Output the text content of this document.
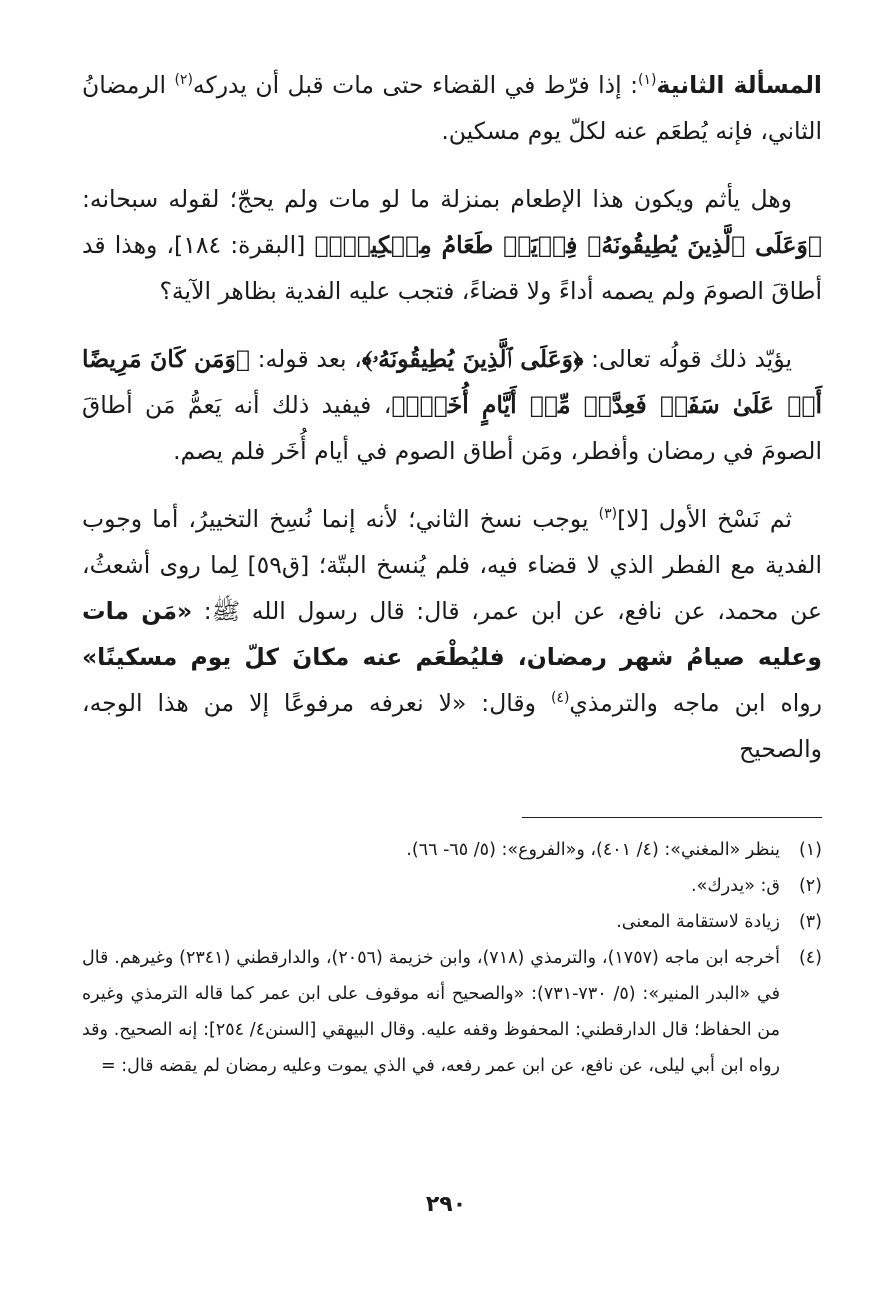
المسألة الثانية$^{(١)}$: إذا فرّط في القضاء حتى مات قبل أن يدركه$^{(٢)}$ الرمضانُ الثاني، فإنه يُطعَم عنه لكلّ يوم مسكين.

وهل يأثم ويكون هذا الإطعام بمنزلة ما لو مات ولم يحجّ؛ لقوله سبحانه: ﴿وَعَلَى ٱلَّذِينَ يُطِيقُونَهُۥ فِدۡيَةٞ طَعَامُ مِسۡكِينٖۖ﴾ [البقرة: ١٨٤]، وهذا قد أطاقَ الصومَ ولم يصمه أداءً ولا قضاءً، فتجب عليه الفدية بظاهر الآية؟

يؤيّد ذلك قولُه تعالى: ﴿وَعَلَى ٱلَّذِينَ يُطِيقُونَهُۥ﴾، بعد قوله: ﴿وَمَن كَانَ مَرِيضًا أَوۡ عَلَىٰ سَفَرٖ فَعِدَّةٞ مِّنۡ أَيَّامٍ أُخَرَۗ﴾، فيفيد ذلك أنه يَعمُّ مَن أطاقَ الصومَ في رمضان وأفطر، ومَن أطاق الصوم في أيام أُخَر فلم يصم.

ثم نَسْخ الأول [لا]$^{(٣)}$ يوجب نسخ الثاني؛ لأنه إنما نُسِخ التخييرُ، أما وجوب الفدية مع الفطر الذي لا قضاء فيه، فلم يُنسخ البتّة؛ [ق٥٩] لِما روى أشعثُ، عن محمد، عن نافع، عن ابن عمر، قال: قال رسول الله ﷺ: «مَن مات وعليه صيامُ شهر رمضان، فليُطْعَم عنه مكانَ كلّ يوم مسكينًا» رواه ابن ماجه والترمذي$^{(٤)}$ وقال: «لا نعرفه مرفوعًا إلا من هذا الوجه، والصحيح

(١)
ينظر «المغني»: (٤/ ٤٠١)، و«الفروع»: (٥/ ٦٥- ٦٦).
(٢)
ق: «يدرك».
(٣)
زيادة لاستقامة المعنى.
(٤)
أخرجه ابن ماجه (١٧٥٧)، والترمذي (٧١٨)، وابن خزيمة (٢٠٥٦)، والدارقطني (٢٣٤١) وغيرهم. قال في «البدر المنير»: (٥/ ٧٣٠-٧٣١): «والصحيح أنه موقوف على ابن عمر كما قاله الترمذي وغيره من الحفاظ؛ قال الدارقطني: المحفوظ وقفه عليه. وقال البيهقي [السنن٤/ ٢٥٤]: إنه الصحيح. وقد رواه ابن أبي ليلى، عن نافع، عن ابن عمر رفعه، في الذي يموت وعليه رمضان لم يقضه قال: =
٢٩٠
